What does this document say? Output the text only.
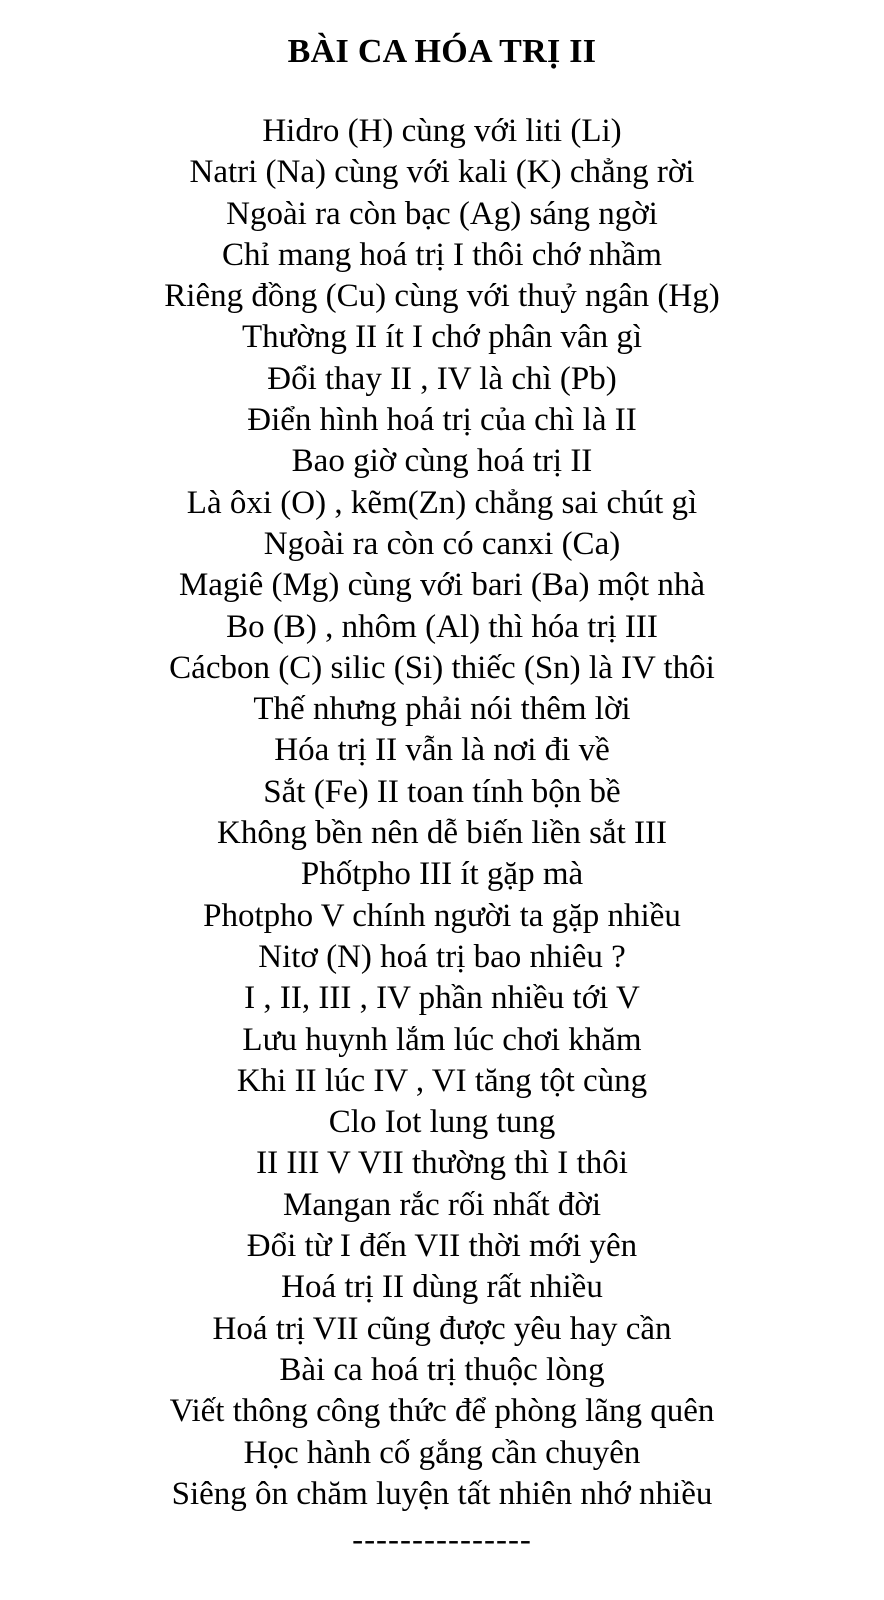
BÀI CA HÓA TRỊ II
Hidro (H) cùng với liti (Li)
Natri (Na) cùng với kali (K) chẳng rời
Ngoài ra còn bạc (Ag) sáng ngời
Chỉ mang hoá trị I thôi chớ nhầm
Riêng đồng (Cu) cùng với thuỷ ngân (Hg)
Thường II ít I chớ phân vân gì
Đổi thay II , IV là chì (Pb)
Điển hình hoá trị của chì là II
Bao giờ cùng hoá trị II
Là ôxi (O) , kẽm(Zn) chẳng sai chút gì
Ngoài ra còn có canxi (Ca)
Magiê (Mg) cùng với bari (Ba) một nhà
Bo (B) , nhôm (Al) thì hóa trị III
Cácbon (C) silic (Si) thiếc (Sn) là IV thôi
Thế nhưng phải nói thêm lời
Hóa trị II vẫn là nơi đi về
Sắt (Fe) II toan tính bộn bề
Không bền nên dễ biến liền sắt III
Phốtpho III ít gặp mà
Photpho V chính người ta gặp nhiều
Nitơ (N) hoá trị bao nhiêu ?
I , II, III , IV phần nhiều tới V
Lưu huynh lắm lúc chơi khăm
Khi II lúc IV , VI tăng tột cùng
Clo Iot lung tung
II III V VII thường thì I thôi
Mangan rắc rối nhất đời
Đổi từ I đến VII thời mới yên
Hoá trị II dùng rất nhiều
Hoá trị VII cũng được yêu hay cần
Bài ca hoá trị thuộc lòng
Viết thông công thức để phòng lãng quên
Học hành cố gắng cần chuyên
Siêng ôn chăm luyện tất nhiên nhớ nhiều
---------------
